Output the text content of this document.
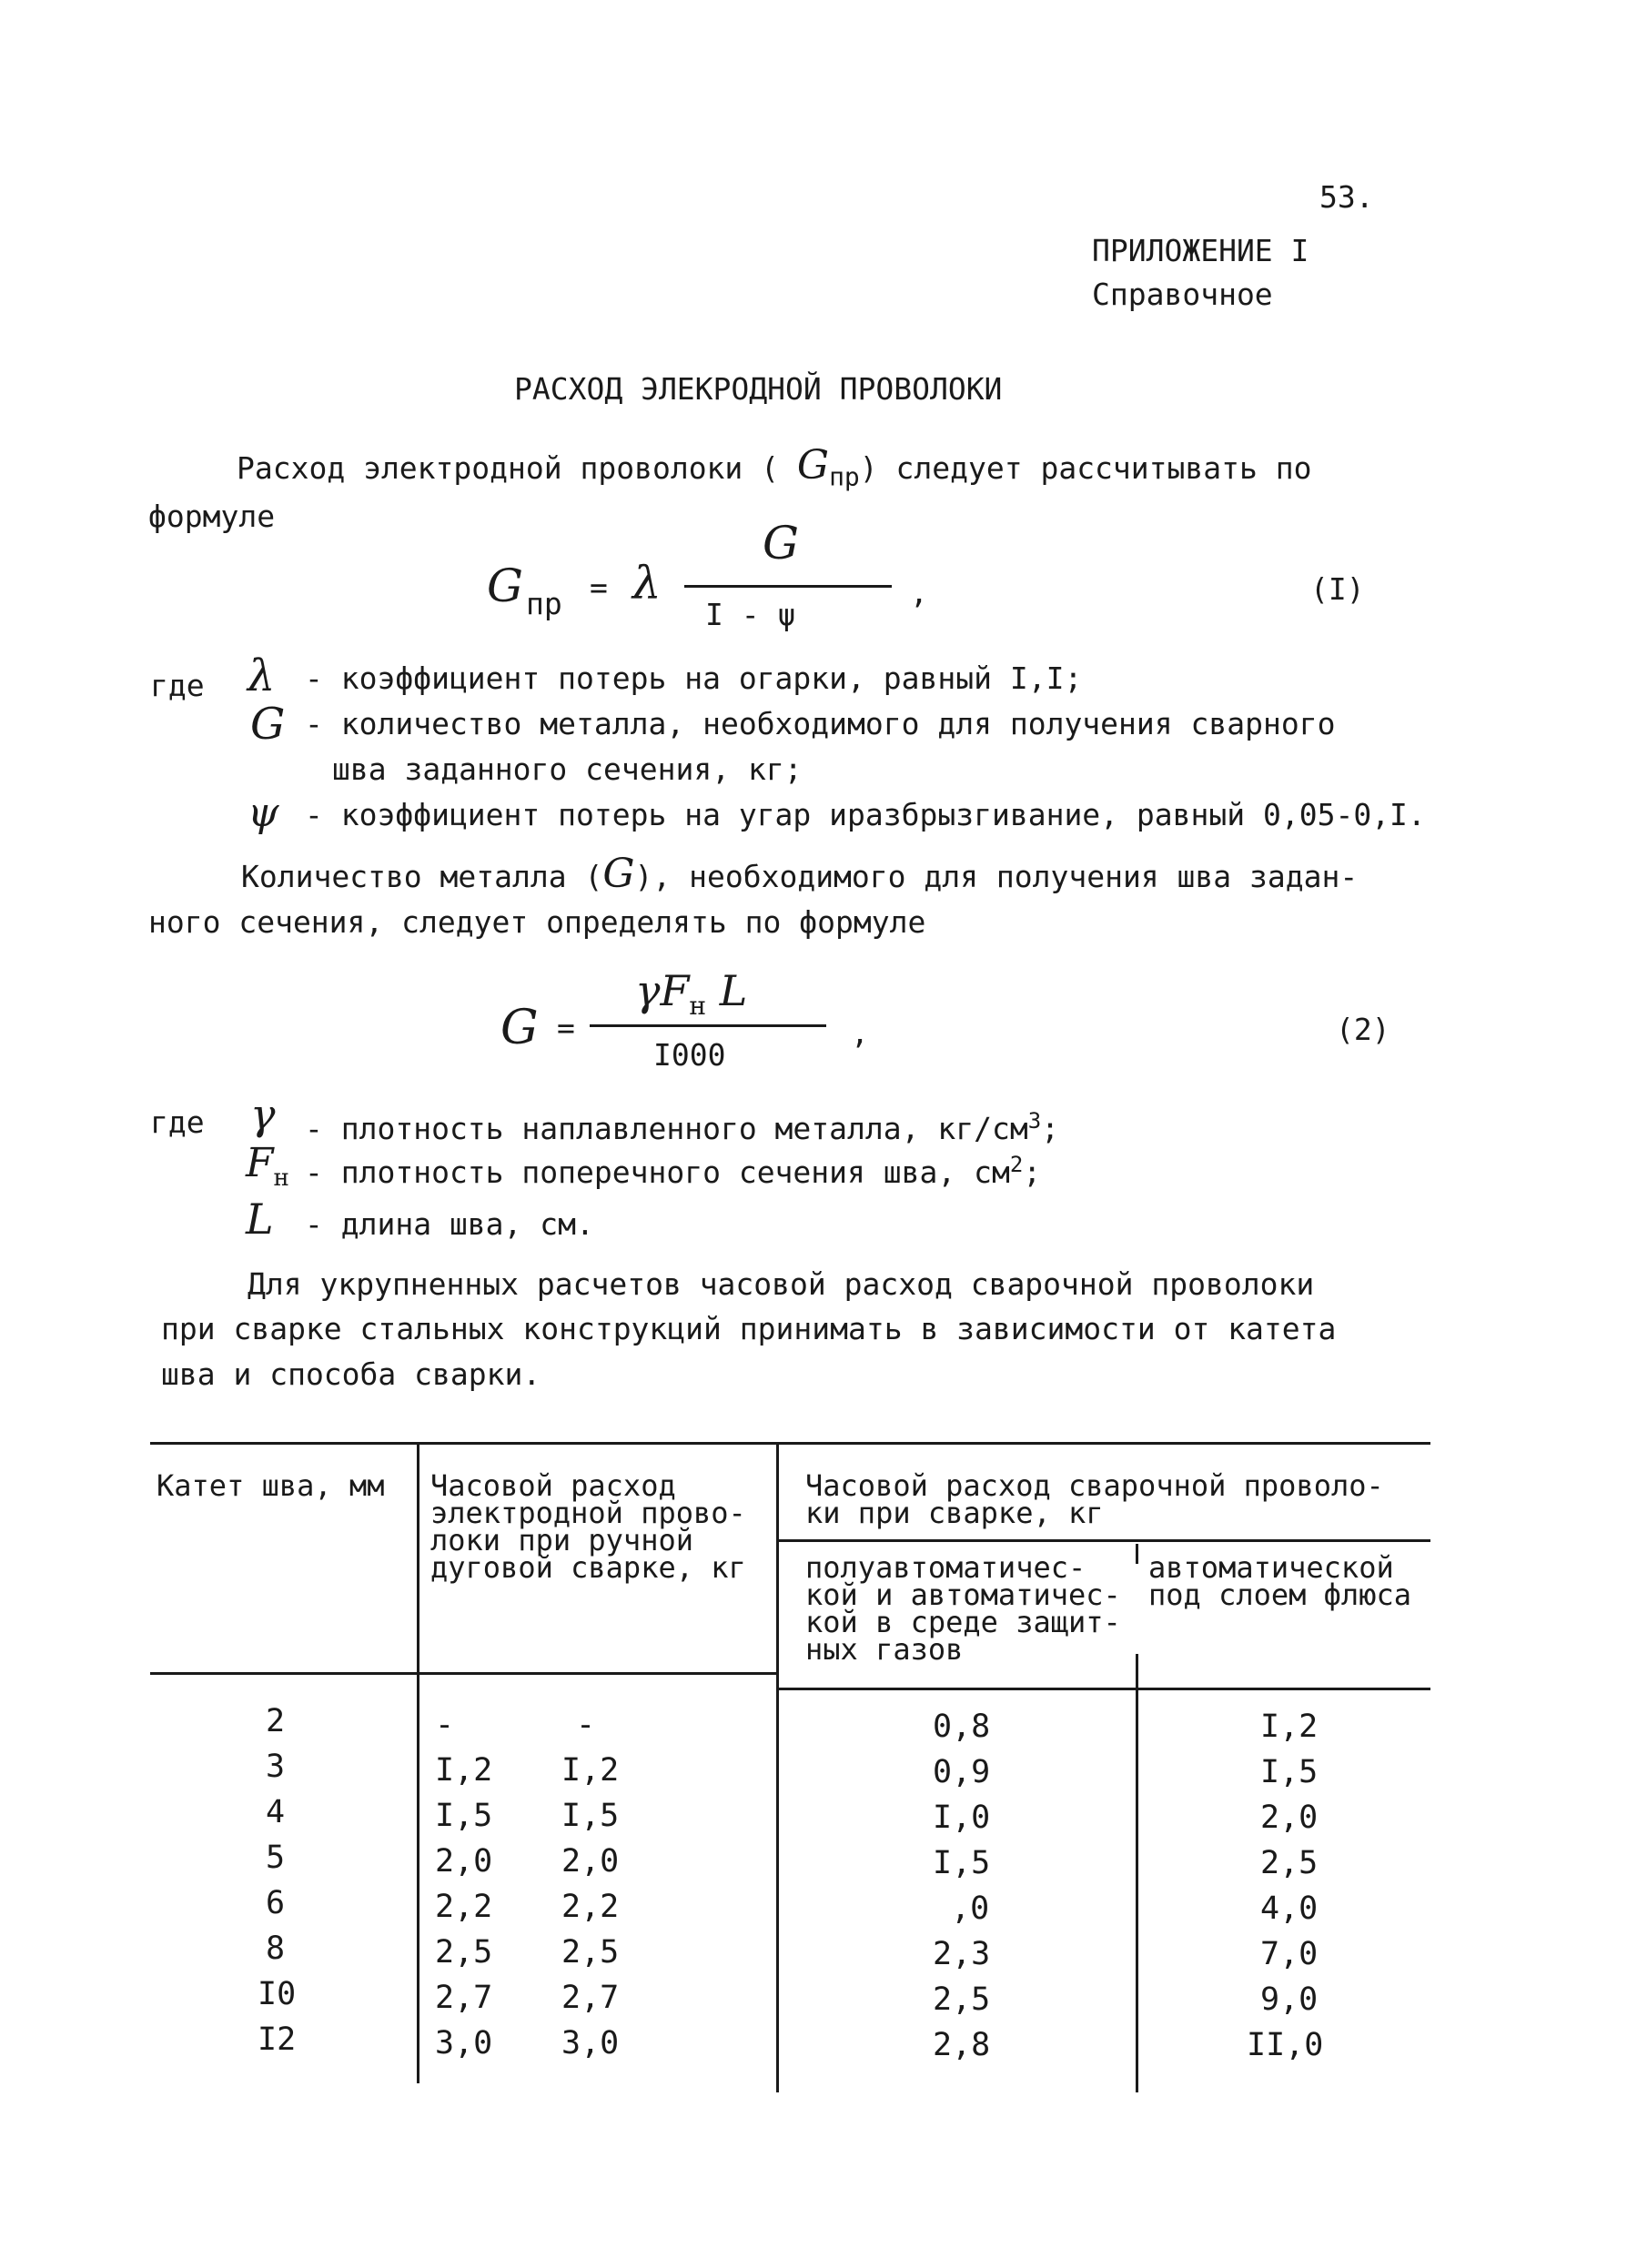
53.
ПРИЛОЖЕНИЕ I
Справочное
РАСХОД ЭЛЕКРОДНОЙ ПРОВОЛОКИ
Расход электродной проволоки ( $G_{пр}$) следует рассчитывать по
формуле
G пр = λ
G
I - ψ
,	(I)
где λ - коэффициент потерь на огарки, равный I,I;
G - количество металла, необходимого для получения сварного
шва заданного сечения, кг;
ψ - коэффициент потерь на угар иразбрызгивание, равный 0,05-0,I.
Количество металла (G), необходимого для получения шва задан-
ного сечения, следует определять по формуле
G =
$\gamma F_н$ L
I000
,	(2)
где γ - плотность наплавленного металла, $кг/см^3$;
$F_н$ - плотность поперечного сечения шва, $см^2$;
L - длина шва, см.
Для укрупненных расчетов часовой расход сварочной проволоки
при сварке стальных конструкций принимать в зависимости от катета
шва и способа сварки.
Катет шва, мм Часовой расход
электродной прово-
локи при ручной
дуговой сварке, кг
Часовой расход сварочной проволо-
ки при сварке, кг
полуавтоматичес-
кой и автоматичес-
кой в среде защит-
ных газов
автоматической
под слоем флюса
2	-	-	0,8	I,2
3	I,2 I,2	0,9	I,5
4	I,5 I,5	I,0	2,0
5	2,0 2,0	I,5	2,5
6	2,2 2,2	,0	4,0
8	2,5 2,5	2,3	7,0
I0	2,7 2,7	2,5	9,0
I2	3,0 3,0	2,8	II,0
